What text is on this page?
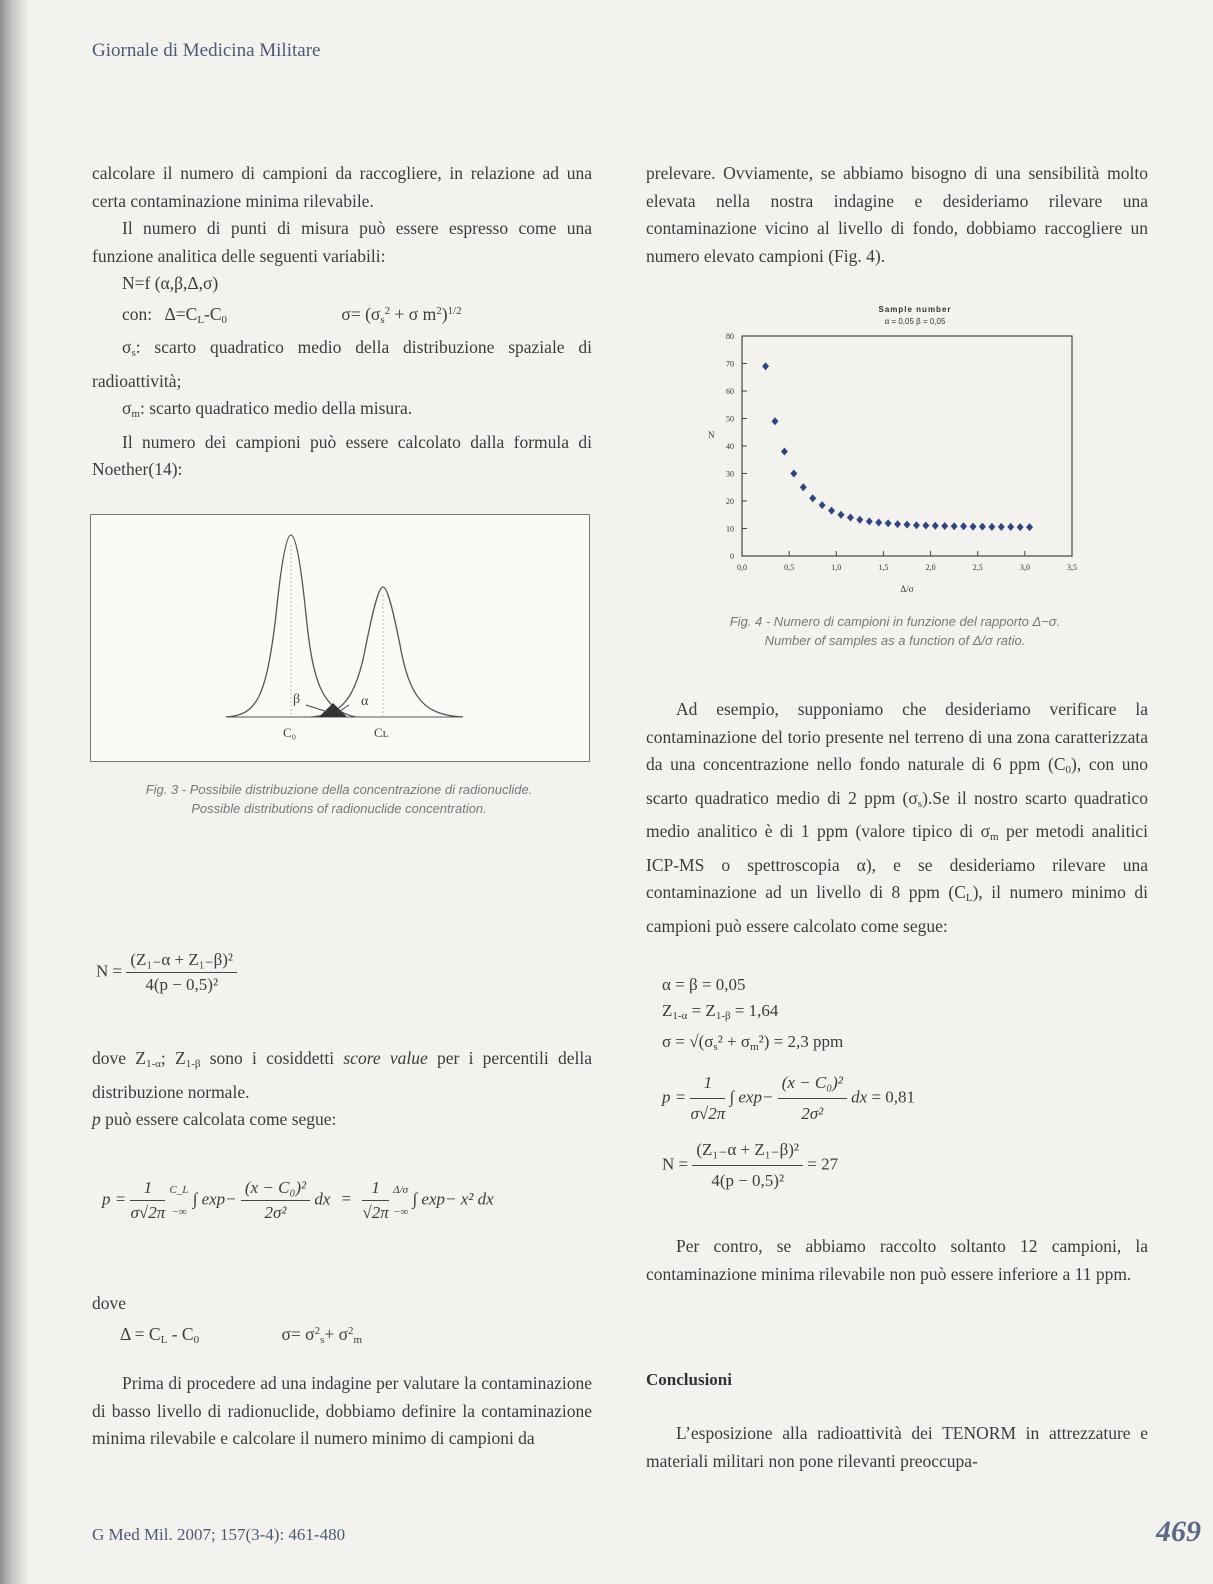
Giornale di Medicina Militare

calcolare il numero di campioni da raccogliere, in relazione ad una certa contaminazione minima rilevabile.

Il numero di punti di misura può essere espresso come una funzione analitica delle seguenti variabili:

N=f (α,β,Δ,σ)

con: $\Delta=C_L-C_0$	$\sigma= (\sigma_s^2 + \sigma$ $m^2)^{1/2}$

$\sigma_s$: scarto quadratico medio della distribuzione spaziale di radioattività;

$\sigma_m$: scarto quadratico medio della misura.

Il numero dei campioni può essere calcolato dalla formula di Noether(14):

β	α
C₀	Cʟ
Fig. 3 - Possibile distribuzione della concentrazione di radionuclide.
Possible distributions of radionuclide concentration.
$N = \frac{\text{(Z₁₋α + Z₁₋β)²}}{\text{4(p − 0,5)²}}$

dove $Z_{1-\alpha}$; $Z_{1-\beta}$ sono i cosiddetti score value per i percentili della distribuzione normale.

p può essere calcolata come segue:

$p = \frac{1}{\sigma√2\pi}$
C_L
−∞
∫ $\exp- \frac{\text{(x − C₀)²}}{\text{2σ²}}$ dx = $\frac{1}{√2\pi}$
Δ/σ
−∞
∫ exp− x² dx

dove

$\Delta = C_L - C_0$	$\sigma= \sigma^2_s+ \sigma^2_m$

Prima di procedere ad una indagine per valutare la contaminazione di basso livello di radionuclide, dobbiamo definire la contaminazione minima rilevabile e calcolare il numero minimo di campioni da

prelevare. Ovviamente, se abbiamo bisogno di una sensibilità molto elevata nella nostra indagine e desideriamo rilevare una contaminazione vicino al livello di fondo, dobbiamo raccogliere un numero elevato campioni (Fig. 4).

Sample number
α = 0,05 β = 0,05
N
Δ/σ
0
10
20
30
40
50
60
70
80
0,0	0,5	1,0	1,5	2,0	2,5	3,0	3,5
Fig. 4 - Numero di campioni in funzione del rapporto Δ−σ.
Number of samples as a function of Δ/σ ratio.

Ad esempio, supponiamo che desideriamo verificare la contaminazione del torio presente nel terreno di una zona caratterizzata da una concentrazione nello fondo naturale di 6 ppm $(C_0)$, con uno scarto quadratico medio di 2 ppm $(\sigma_s).Se$ il nostro scarto quadratico medio analitico è di 1 ppm (valore tipico di $\sigma_m$ per metodi analitici ICP-MS o spettroscopia α), e se desideriamo rilevare una contaminazione ad un livello di 8 ppm $(C_L)$, il numero minimo di campioni può essere calcolato come segue:

α = β = 0,05
$Z_{1-\alpha} = Z_{1-\beta} = 1,64$
$\sigma = √(\sigma_s^2 + \sigma_m^2) = 2,3$ ppm
$p = \frac{1}{\sigma√2\pi}$ ∫ $\exp- \frac{\text{(x − C₀)²}}{\text{2σ²}}$ dx = 0,81
$N = \frac{\text{(Z₁₋α + Z₁₋β)²}}{\text{4(p − 0,5)²}} = 27$

Per contro, se abbiamo raccolto soltanto 12 campioni, la contaminazione minima rilevabile non può essere inferiore a 11 ppm.

Conclusioni

L’esposizione alla radioattività dei TENORM in attrezzature e materiali militari non pone rilevanti preoccupa-

G Med Mil. 2007; 157(3-4): 461-480	469
